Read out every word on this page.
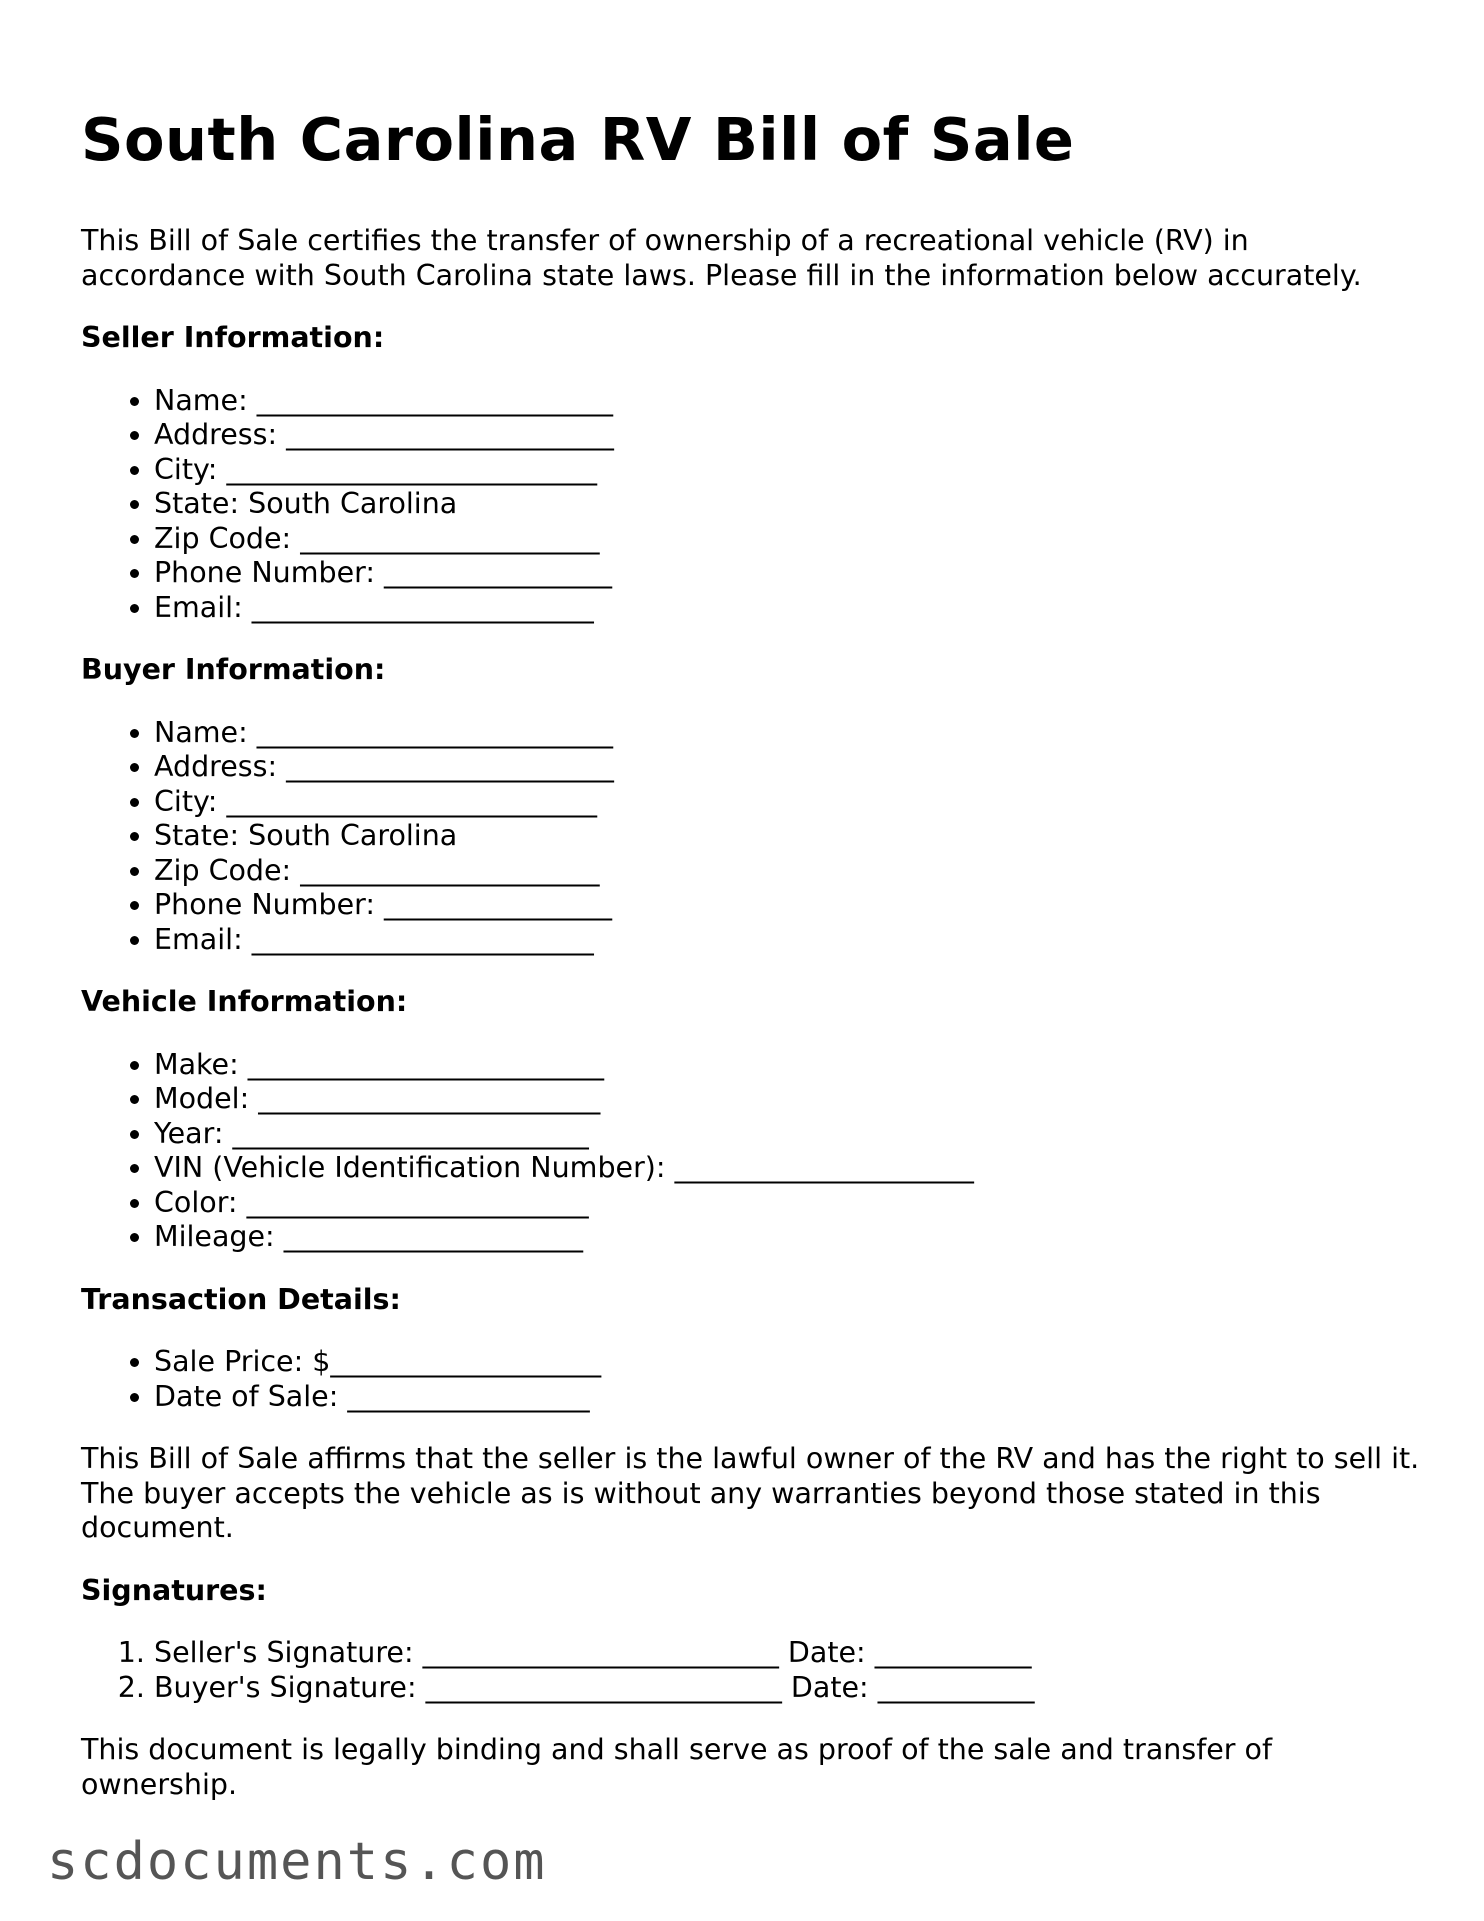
South Carolina RV Bill of Sale

This Bill of Sale certifies the transfer of ownership of a recreational vehicle (RV) in accordance with South Carolina state laws. Please fill in the information below accurately.

Seller Information:
• Name: _________________________
• Address: _______________________
• City: __________________________
• State: South Carolina
• Zip Code: _____________________
• Phone Number: ________________
• Email: ________________________
Buyer Information:
• Name: _________________________
• Address: _______________________
• City: __________________________
• State: South Carolina
• Zip Code: _____________________
• Phone Number: ________________
• Email: ________________________
Vehicle Information:
• Make: _________________________
• Model: ________________________
• Year: _________________________
• VIN (Vehicle Identification Number): _____________________
• Color: ________________________
• Mileage: _____________________
Transaction Details:
• Sale Price: $___________________
• Date of Sale: _________________

This Bill of Sale affirms that the seller is the lawful owner of the RV and has the right to sell it. The buyer accepts the vehicle as is without any warranties beyond those stated in this document.

Signatures:
1. Seller's Signature: _________________________ Date: ___________
2. Buyer's Signature: _________________________ Date: ___________

This document is legally binding and shall serve as proof of the sale and transfer of ownership.

scdocuments.com
